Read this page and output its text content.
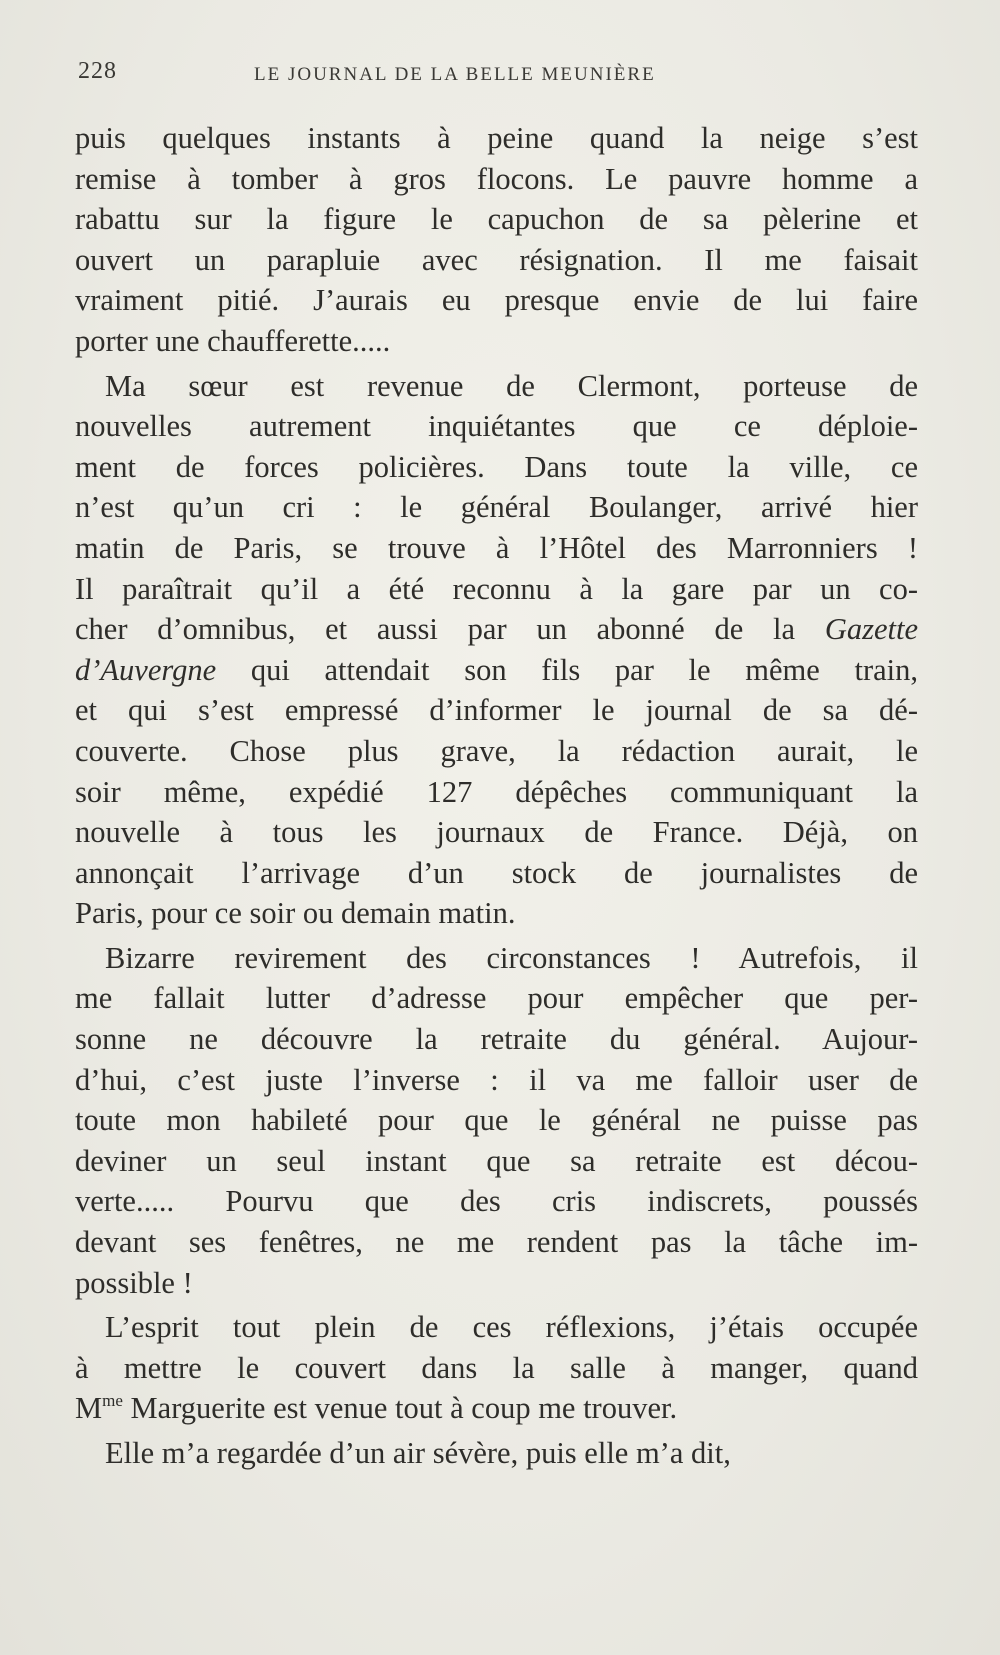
228	LE JOURNAL DE LA BELLE MEUNIÈRE
puis quelques instants à peine quand la neige s’est
remise à tomber à gros flocons. Le pauvre homme a
rabattu sur la figure le capuchon de sa pèlerine et
ouvert un parapluie avec résignation. Il me faisait
vraiment pitié. J’aurais eu presque envie de lui faire
porter une chaufferette.....
Ma sœur est revenue de Clermont, porteuse de
nouvelles autrement inquiétantes que ce déploie-
ment de forces policières. Dans toute la ville, ce
n’est qu’un cri : le général Boulanger, arrivé hier
matin de Paris, se trouve à l’Hôtel des Marronniers !
Il paraîtrait qu’il a été reconnu à la gare par un co-
cher d’omnibus, et aussi par un abonné de la Gazette
d’Auvergne qui attendait son fils par le même train,
et qui s’est empressé d’informer le journal de sa dé-
couverte. Chose plus grave, la rédaction aurait, le
soir même, expédié 127 dépêches communiquant la
nouvelle à tous les journaux de France. Déjà, on
annonçait l’arrivage d’un stock de journalistes de
Paris, pour ce soir ou demain matin.
Bizarre revirement des circonstances ! Autrefois, il
me fallait lutter d’adresse pour empêcher que per-
sonne ne découvre la retraite du général. Aujour-
d’hui, c’est juste l’inverse : il va me falloir user de
toute mon habileté pour que le général ne puisse pas
deviner un seul instant que sa retraite est décou-
verte..... Pourvu que des cris indiscrets, poussés
devant ses fenêtres, ne me rendent pas la tâche im-
possible !
L’esprit tout plein de ces réflexions, j’étais occupée
à mettre le couvert dans la salle à manger, quand
$M^{me}$ Marguerite est venue tout à coup me trouver.
Elle m’a regardée d’un air sévère, puis elle m’a dit,
